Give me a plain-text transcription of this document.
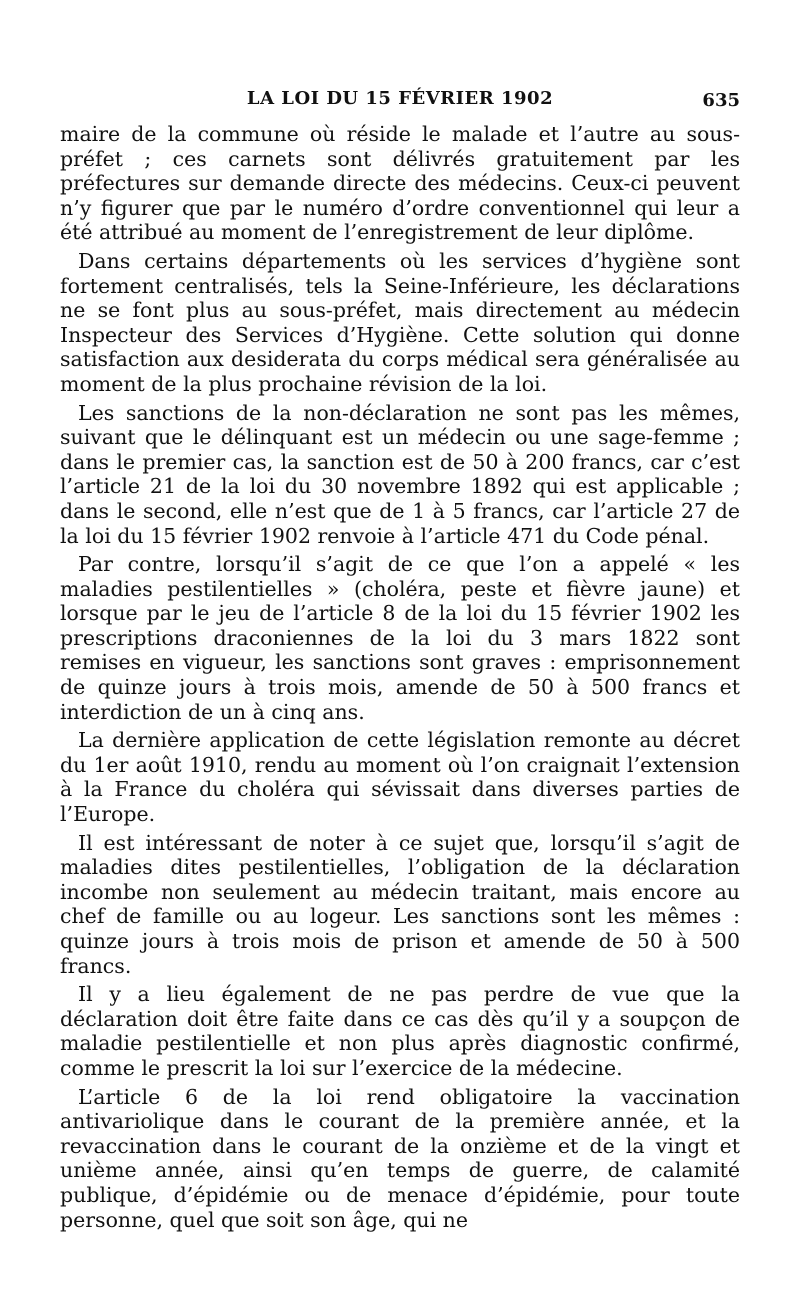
LA LOI DU 15 FÉVRIER 1902	635

maire de la commune où réside le malade et l’autre au sous-préfet ; ces carnets sont délivrés gratuitement par les préfectures sur demande directe des médecins. Ceux-ci peuvent n’y figurer que par le numéro d’ordre conventionnel qui leur a été attribué au moment de l’enregistrement de leur diplôme.

Dans certains départements où les services d’hygiène sont fortement centralisés, tels la Seine-Inférieure, les déclarations ne se font plus au sous-préfet, mais directement au médecin Inspecteur des Services d’Hygiène. Cette solution qui donne satisfaction aux desiderata du corps médical sera généralisée au moment de la plus prochaine révision de la loi.

Les sanctions de la non-déclaration ne sont pas les mêmes, suivant que le délinquant est un médecin ou une sage-femme ; dans le premier cas, la sanction est de 50 à 200 francs, car c’est l’article 21 de la loi du 30 novembre 1892 qui est applicable ; dans le second, elle n’est que de 1 à 5 francs, car l’article 27 de la loi du 15 février 1902 renvoie à l’article 471 du Code pénal.

Par contre, lorsqu’il s’agit de ce que l’on a appelé « les maladies pestilentielles » (choléra, peste et fièvre jaune) et lorsque par le jeu de l’article 8 de la loi du 15 février 1902 les prescriptions draconiennes de la loi du 3 mars 1822 sont remises en vigueur, les sanctions sont graves : emprisonnement de quinze jours à trois mois, amende de 50 à 500 francs et interdiction de un à cinq ans.

La dernière application de cette législation remonte au décret du 1er août 1910, rendu au moment où l’on craignait l’extension à la France du choléra qui sévissait dans diverses parties de l’Europe.

Il est intéressant de noter à ce sujet que, lorsqu’il s’agit de maladies dites pestilentielles, l’obligation de la déclaration incombe non seulement au médecin traitant, mais encore au chef de famille ou au logeur. Les sanctions sont les mêmes : quinze jours à trois mois de prison et amende de 50 à 500 francs.

Il y a lieu également de ne pas perdre de vue que la déclaration doit être faite dans ce cas dès qu’il y a soupçon de maladie pestilentielle et non plus après diagnostic confirmé, comme le prescrit la loi sur l’exercice de la médecine.

L’article 6 de la loi rend obligatoire la vaccination antivariolique dans le courant de la première année, et la revaccination dans le courant de la onzième et de la vingt et unième année, ainsi qu’en temps de guerre, de calamité publique, d’épidémie ou de menace d’épidémie, pour toute personne, quel que soit son âge, qui ne
